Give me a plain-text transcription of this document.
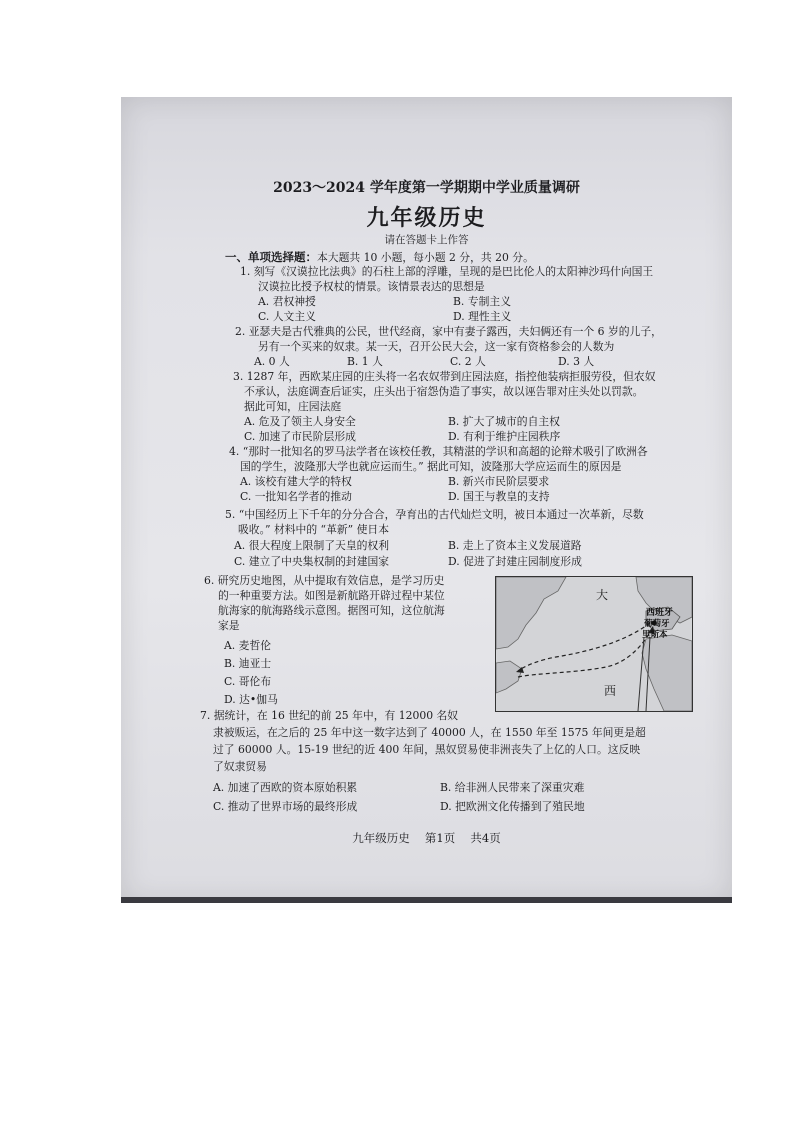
2023～2024 学年度第一学期期中学业质量调研
九年级历史
请在答题卡上作答
一、单项选择题：本大题共 10 小题，每小题 2 分，共 20 分。
1. 刻写《汉谟拉比法典》的石柱上部的浮雕，呈现的是巴比伦人的太阳神沙玛什向国王
汉谟拉比授予权杖的情景。该情景表达的思想是
A. 君权神授	B. 专制主义
C. 人文主义	D. 理性主义
2. 亚瑟夫是古代雅典的公民，世代经商，家中有妻子露西，夫妇俩还有一个 6 岁的儿子，
另有一个买来的奴隶。某一天，召开公民大会，这一家有资格参会的人数为
A. 0 人	B. 1 人	C. 2 人	D. 3 人
3. 1287 年，西欧某庄园的庄头将一名农奴带到庄园法庭，指控他装病拒服劳役，但农奴
不承认，法庭调查后证实，庄头出于宿怨伪造了事实，故以诬告罪对庄头处以罚款。
据此可知，庄园法庭
A. 危及了领主人身安全	B. 扩大了城市的自主权
C. 加速了市民阶层形成	D. 有利于维护庄园秩序
4. “那时一批知名的罗马法学者在该校任教，其精湛的学识和高超的论辩术吸引了欧洲各
国的学生，波隆那大学也就应运而生。” 据此可知，波隆那大学应运而生的原因是
A. 该校有建大学的特权	B. 新兴市民阶层要求
C. 一批知名学者的推动	D. 国王与教皇的支持
5. “中国经历上下千年的分分合合，孕育出的古代灿烂文明，被日本通过一次革新，尽数
吸收。” 材料中的 “革新” 使日本
A. 很大程度上限制了天皇的权利	B. 走上了资本主义发展道路
C. 建立了中央集权制的封建国家	D. 促进了封建庄园制度形成
6. 研究历史地图，从中提取有效信息，是学习历史
的一种重要方法。如图是新航路开辟过程中某位
航海家的航海路线示意图。据图可知，这位航海
家是
A. 麦哲伦
B. 迪亚士
C. 哥伦布
D. 达•伽马
大
西
西班牙
葡萄牙
里斯本
7. 据统计，在 16 世纪的前 25 年中，有 12000 名奴
隶被贩运，在之后的 25 年中这一数字达到了 40000 人，在 1550 年至 1575 年间更是超
过了 60000 人。15-19 世纪的近 400 年间，黑奴贸易使非洲丧失了上亿的人口。这反映
了奴隶贸易
A. 加速了西欧的资本原始积累	B. 给非洲人民带来了深重灾难
C. 推动了世界市场的最终形成	D. 把欧洲文化传播到了殖民地
九年级历史　 第1页　 共4页
